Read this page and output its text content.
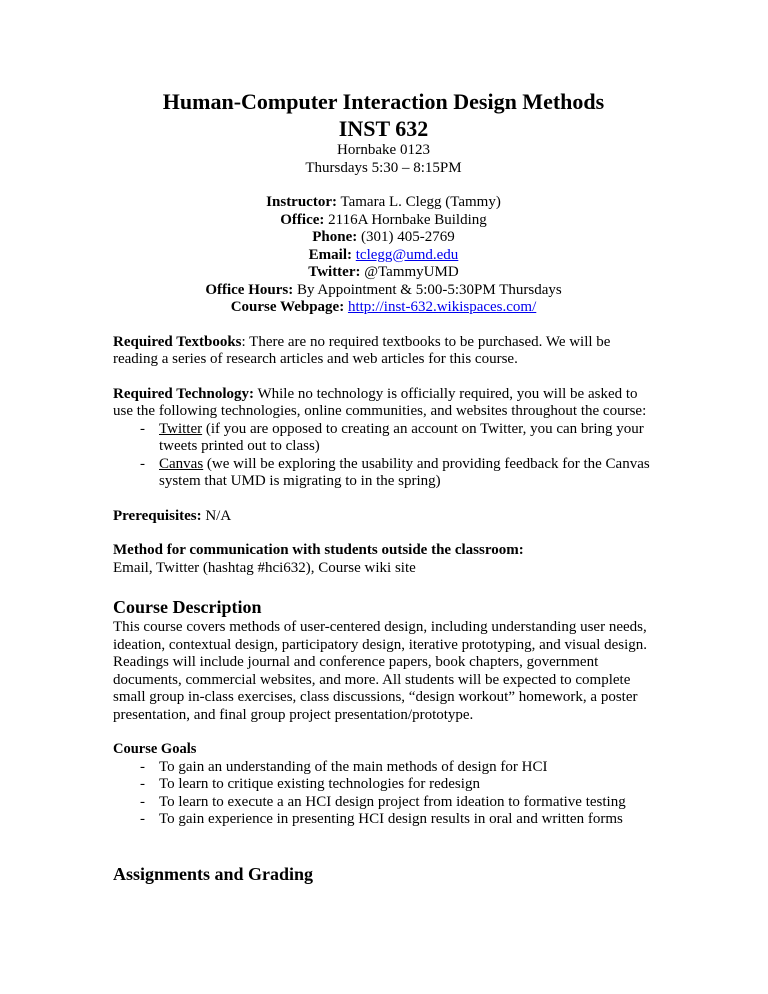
Human-Computer Interaction Design Methods
INST 632
Hornbake 0123
Thursdays 5:30 – 8:15PM
Instructor: Tamara L. Clegg (Tammy)
Office: 2116A Hornbake Building
Phone: (301) 405-2769
Email: tclegg@umd.edu
Twitter: @TammyUMD
Office Hours: By Appointment & 5:00-5:30PM Thursdays
Course Webpage: http://inst-632.wikispaces.com/

Required Textbooks: There are no required textbooks to be purchased. We will be reading a series of research articles and web articles for this course.

Required Technology: While no technology is officially required, you will be asked to use the following technologies, online communities, and websites throughout the course:

- Twitter (if you are opposed to creating an account on Twitter, you can bring your tweets printed out to class)
- Canvas (we will be exploring the usability and providing feedback for the Canvas system that UMD is migrating to in the spring)

Prerequisites: N/A

Method for communication with students outside the classroom:
Email, Twitter (hashtag #hci632), Course wiki site

Course Description

This course covers methods of user-centered design, including understanding user needs, ideation, contextual design, participatory design, iterative prototyping, and visual design. Readings will include journal and conference papers, book chapters, government documents, commercial websites, and more. All students will be expected to complete small group in-class exercises, class discussions, “design workout” homework, a poster presentation, and final group project presentation/prototype.

Course Goals
- To gain an understanding of the main methods of design for HCI
- To learn to critique existing technologies for redesign
- To learn to execute a an HCI design project from ideation to formative testing
- To gain experience in presenting HCI design results in oral and written forms
Assignments and Grading
